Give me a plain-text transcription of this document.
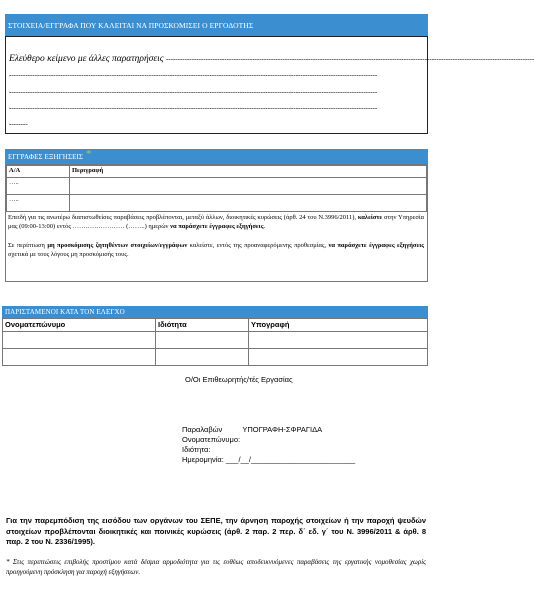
ΣΤΟΙΧΕΙΑ/ΕΓΓΡΑΦΑ ΠΟΥ ΚΑΛΕΙΤΑΙ ΝΑ ΠΡΟΣΚΟΜΙΣΕΙ Ο ΕΡΓΟΔΟΤΗΣ
Ελεύθερο κείμενο με άλλες παρατηρήσεις --------------------------------------------------------------------------------------------------------------------------------------------------------------
--------------------------------------------------------------------------------------------------------------------------------------------------------------
--------------------------------------------------------------------------------------------------------------------------------------------------------------
--------------------------------------------------------------------------------------------------------------------------------------------------------------
--------
ΕΓΓΡΑΦΕΣ ΕΞΗΓΗΣΕΙΣ *
Α/Α	Περιγραφή
…..	
…..	
Επειδή για τις ανωτέρω διαπιστωθείσες παραβάσεις προβλέπονται, μεταξύ άλλων, διοικητικές κυρώσεις (άρθ. 24 του Ν.3996/2011), καλείστε στην Υπηρεσία μας (09:00-13:00) εντός …………………… (……..) ημερών να παράσχετε έγγραφες εξηγήσεις.
Σε περίπτωση μη προσκόμισης ζητηθέντων στοιχείων/εγγράφων καλείστε, εντός της προαναφερόμενης προθεσμίας, να παράσχετε έγγραφες εξηγήσεις σχετικά με τους λόγους μη προσκόμισής τους.
ΠΑΡΙΣΤΑΜΕΝΟΙ ΚΑΤΑ ΤΟΝ ΕΛΕΓΧΟ
Ονοματεπώνυμο	Ιδιότητα	Υπογραφή

Ο/Οι Επιθεωρητής/τές Εργασίας
Παραλαβών	ΥΠΟΓΡΑΦΗ-ΣΦΡΑΓΙΔΑ
Ονοματεπώνυμο:
Ιδιότητα:
Ημερομηνία: ___/__/_________________________
Για την παρεμπόδιση της εισόδου των οργάνων του ΣΕΠΕ, την άρνηση παροχής στοιχείων ή την παροχή ψευδών στοιχείων προβλέπονται διοικητικές και ποινικές κυρώσεις (άρθ. 2 παρ. 2 περ. δ΄ εδ. γ΄ του Ν. 3996/2011 & άρθ. 8 παρ. 2 του Ν. 2336/1995).
* Στις περιπτώσεις επιβολής προστίμου κατά δέσμια αρμοδιότητα για τις ευθέως αποδεικνυόμενες παραβάσεις της εργατικής νομοθεσίας χωρίς προηγούμενη πρόσκληση για παροχή εξηγήσεων.
